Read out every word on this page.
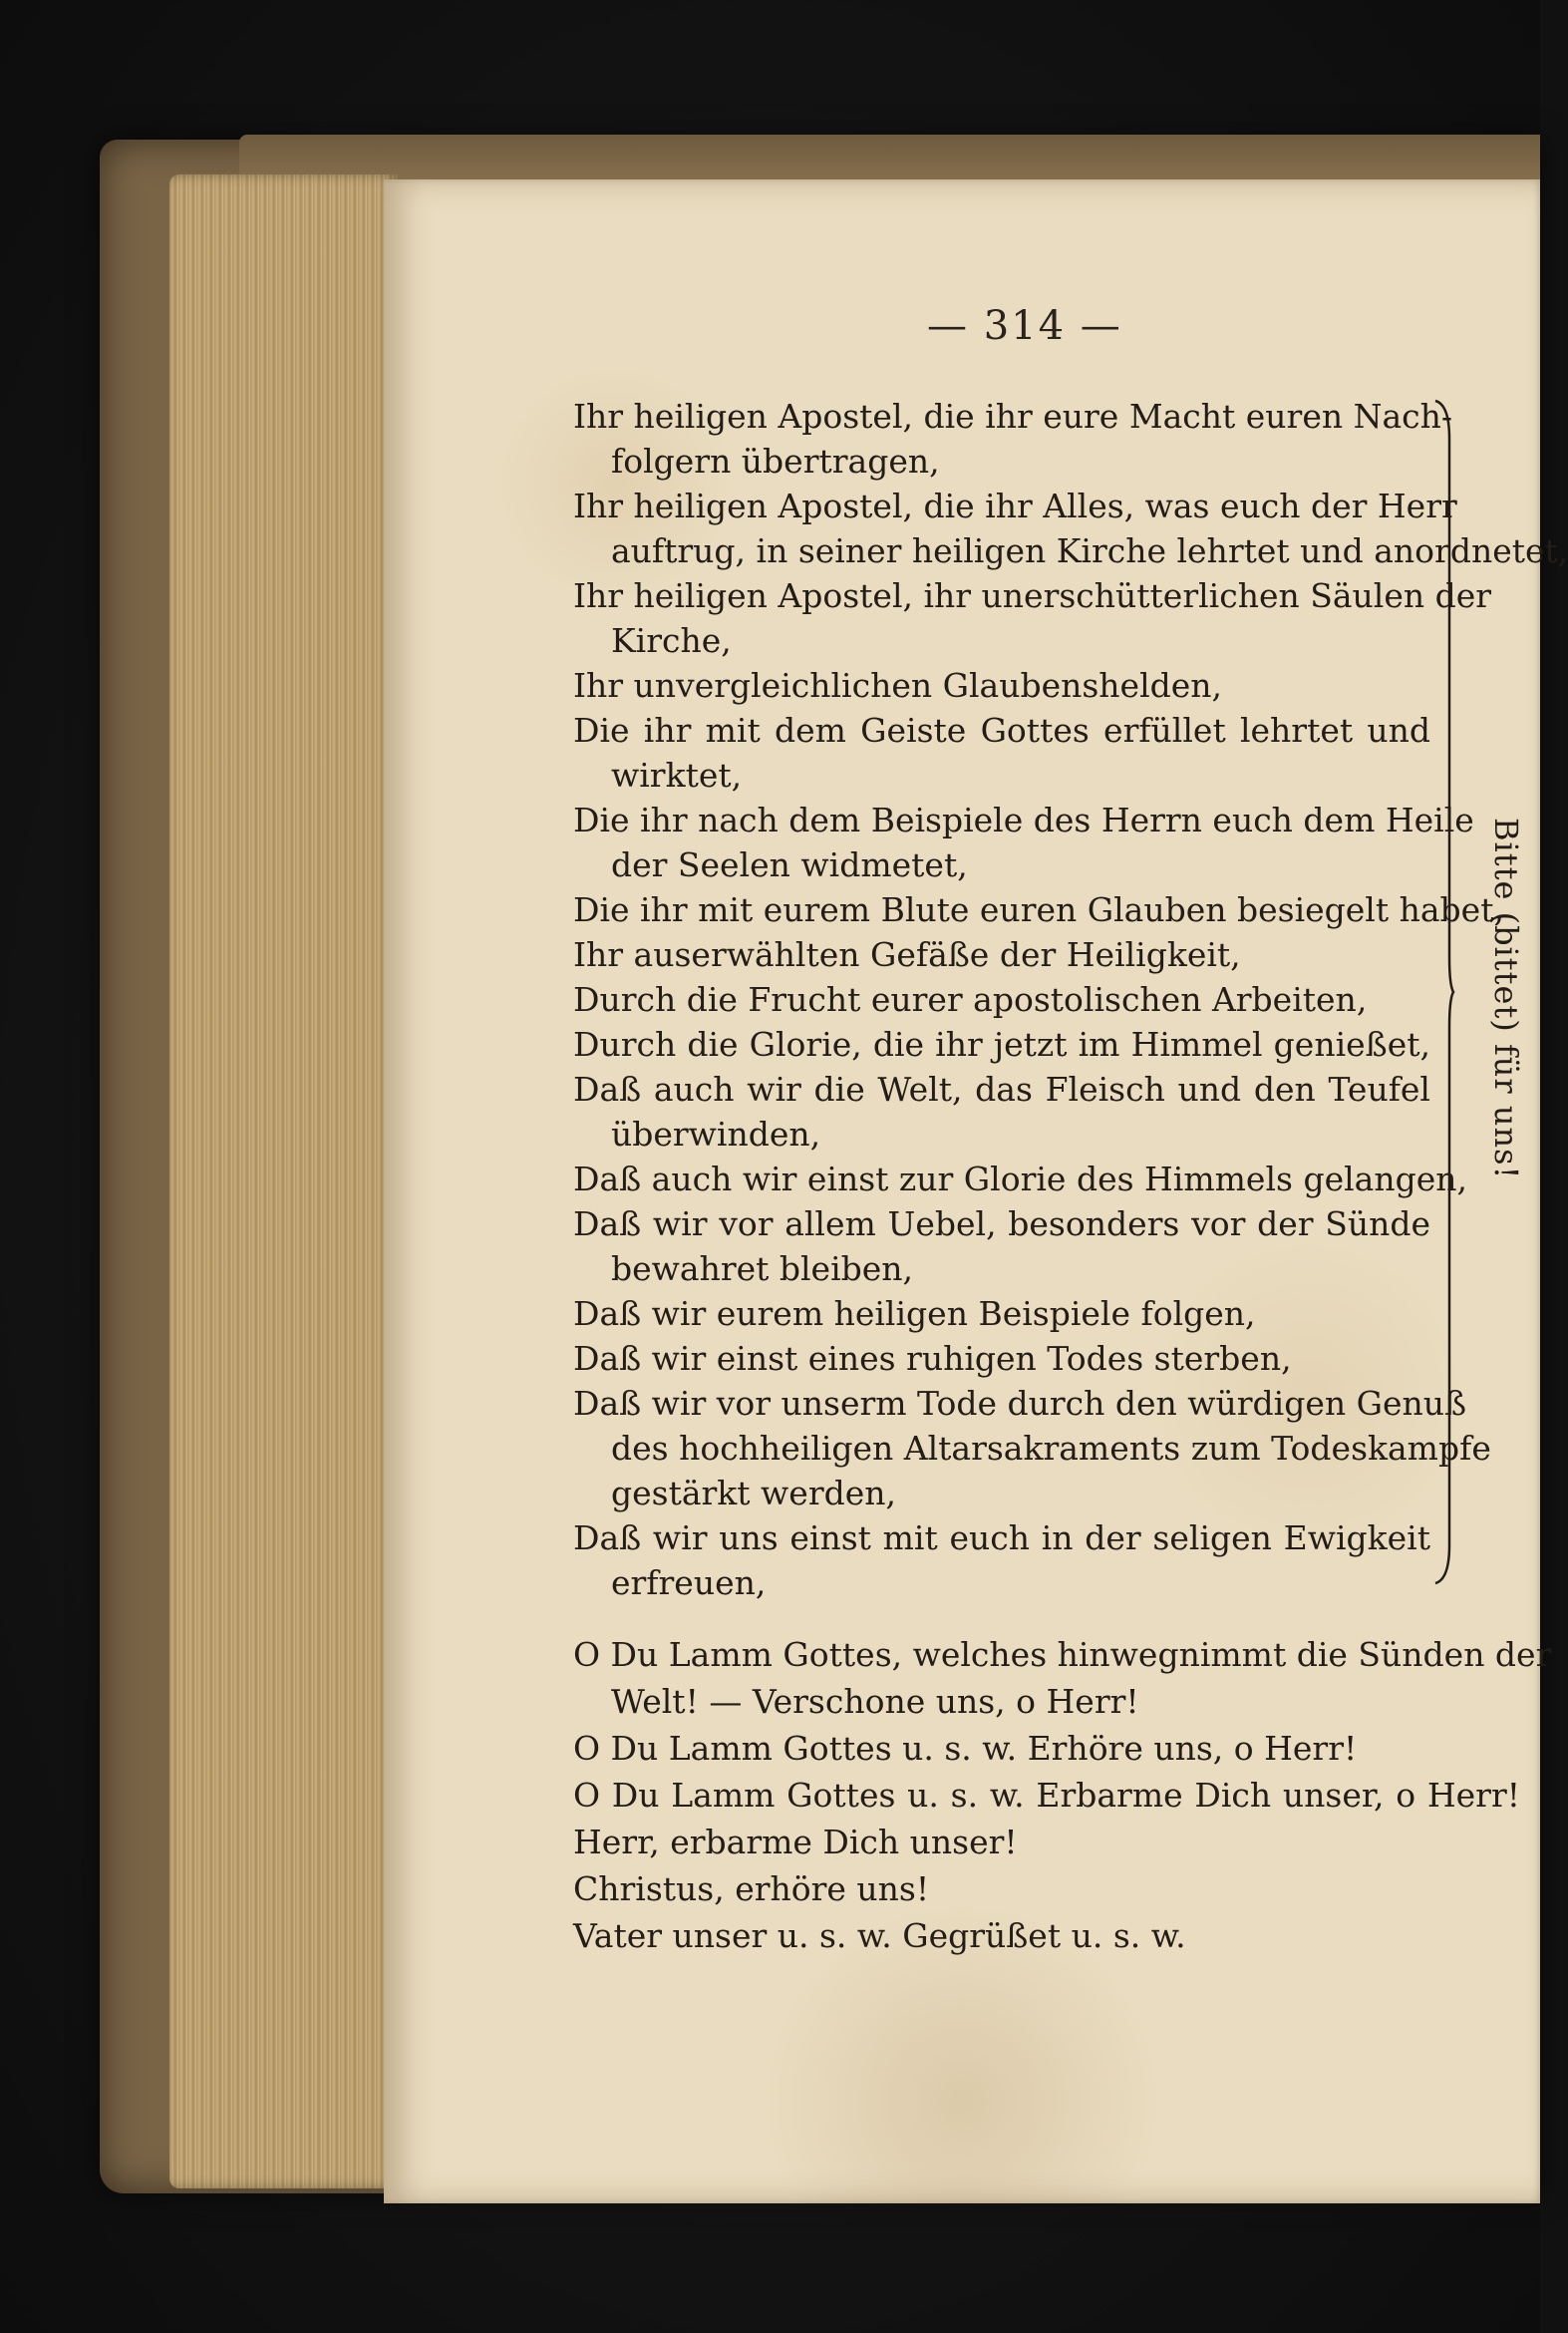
— 314 —
Ihr heiligen Apostel, die ihr eure Macht euren Nach-
folgern übertragen,
Ihr heiligen Apostel, die ihr Alles, was euch der Herr
auftrug, in seiner heiligen Kirche lehrtet und anordnetet,
Ihr heiligen Apostel, ihr unerschütterlichen Säulen der
Kirche,
Ihr unvergleichlichen Glaubenshelden,
Die ihr mit dem Geiste Gottes erfüllet lehrtet und
wirktet,
Die ihr nach dem Beispiele des Herrn euch dem Heile
der Seelen widmetet,
Die ihr mit eurem Blute euren Glauben besiegelt habet,
Ihr auserwählten Gefäße der Heiligkeit,
Durch die Frucht eurer apostolischen Arbeiten,
Durch die Glorie, die ihr jetzt im Himmel genießet,
Daß auch wir die Welt, das Fleisch und den Teufel
überwinden,
Daß auch wir einst zur Glorie des Himmels gelangen,
Daß wir vor allem Uebel, besonders vor der Sünde
bewahret bleiben,
Daß wir eurem heiligen Beispiele folgen,
Daß wir einst eines ruhigen Todes sterben,
Daß wir vor unserm Tode durch den würdigen Genuß
des hochheiligen Altarsakraments zum Todeskampfe
gestärkt werden,
Daß wir uns einst mit euch in der seligen Ewigkeit
erfreuen,
Bitte (bittet) für uns!
O Du Lamm Gottes, welches hinwegnimmt die Sünden der
Welt! — Verschone uns, o Herr!
O Du Lamm Gottes u. s. w. Erhöre uns, o Herr!
O Du Lamm Gottes u. s. w. Erbarme Dich unser, o Herr!
Herr, erbarme Dich unser!
Christus, erhöre uns!
Vater unser u. s. w. Gegrüßet u. s. w.
